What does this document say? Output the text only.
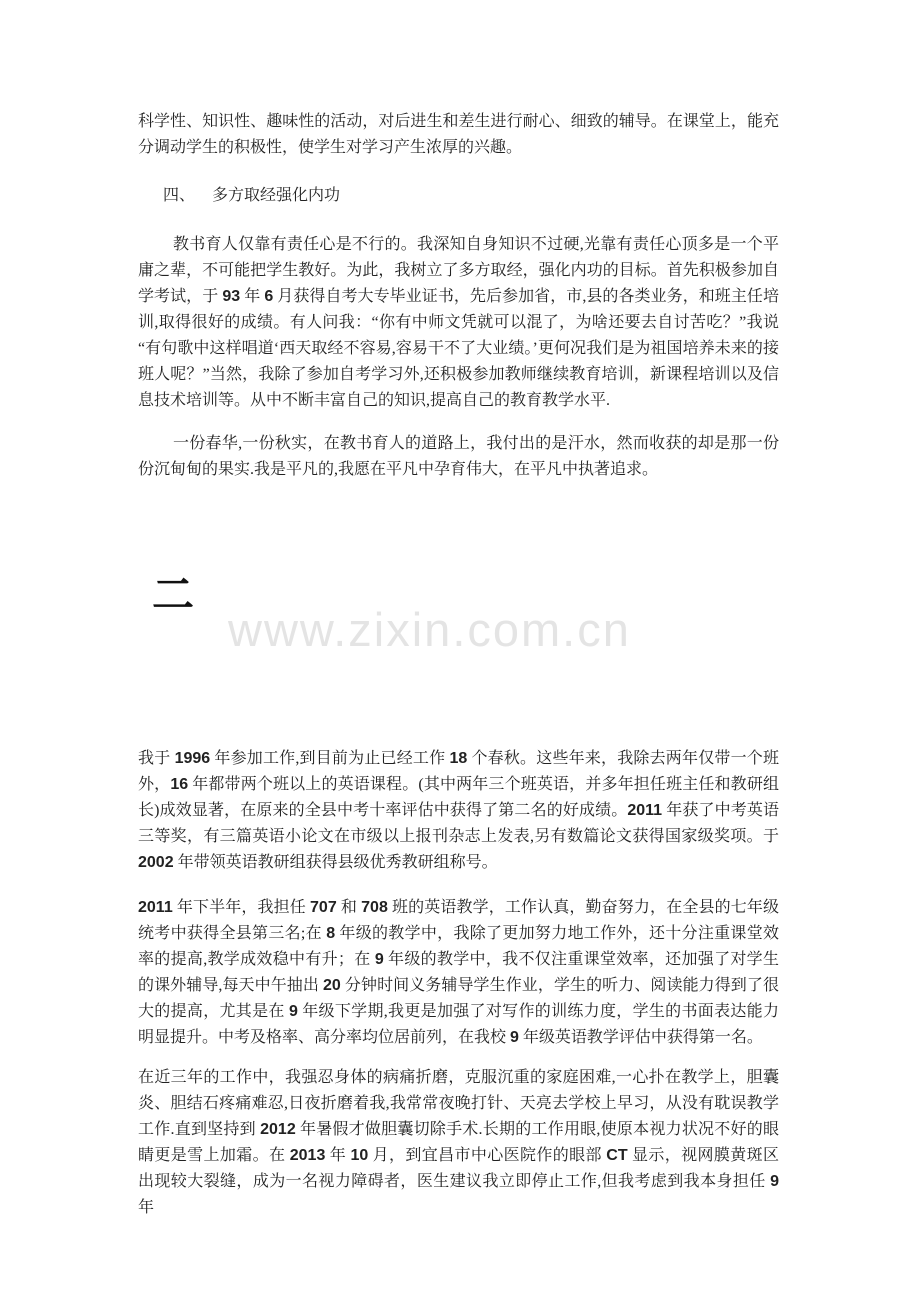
科学性、知识性、趣味性的活动，对后进生和差生进行耐心、细致的辅导。在课堂上，能充分调动学生的积极性，使学生对学习产生浓厚的兴趣。

四、 多方取经强化内功

教书育人仅靠有责任心是不行的。我深知自身知识不过硬,光靠有责任心顶多是一个平庸之辈，不可能把学生教好。为此，我树立了多方取经，强化内功的目标。首先积极参加自学考试，于 93 年 6 月获得自考大专毕业证书，先后参加省，市,县的各类业务，和班主任培训,取得很好的成绩。有人问我：“你有中师文凭就可以混了，为啥还要去自讨苦吃？”我说“有句歌中这样唱道‘西天取经不容易,容易干不了大业绩。’更何况我们是为祖国培养未来的接班人呢？”当然，我除了参加自考学习外,还积极参加教师继续教育培训，新课程培训以及信息技术培训等。从中不断丰富自己的知识,提高自己的教育教学水平.

一份春华,一份秋实，在教书育人的道路上，我付出的是汗水，然而收获的却是那一份份沉甸甸的果实.我是平凡的,我愿在平凡中孕育伟大，在平凡中执著追求。

二
www.zixin.com.cn

我于 1996 年参加工作,到目前为止已经工作 18 个春秋。这些年来，我除去两年仅带一个班外，16 年都带两个班以上的英语课程。(其中两年三个班英语，并多年担任班主任和教研组长)成效显著，在原来的全县中考十率评估中获得了第二名的好成绩。2011 年获了中考英语三等奖，有三篇英语小论文在市级以上报刊杂志上发表,另有数篇论文获得国家级奖项。于 2002 年带领英语教研组获得县级优秀教研组称号。

2011 年下半年，我担任 707 和 708 班的英语教学，工作认真，勤奋努力，在全县的七年级统考中获得全县第三名;在 8 年级的教学中，我除了更加努力地工作外，还十分注重课堂效率的提高,教学成效稳中有升；在 9 年级的教学中，我不仅注重课堂效率，还加强了对学生的课外辅导,每天中午抽出 20 分钟时间义务辅导学生作业，学生的听力、阅读能力得到了很大的提高，尤其是在 9 年级下学期,我更是加强了对写作的训练力度，学生的书面表达能力明显提升。中考及格率、高分率均位居前列，在我校 9 年级英语教学评估中获得第一名。

在近三年的工作中，我强忍身体的病痛折磨，克服沉重的家庭困难,一心扑在教学上，胆囊炎、胆结石疼痛难忍,日夜折磨着我,我常常夜晚打针、天亮去学校上早习，从没有耽误教学工作.直到坚持到 2012 年暑假才做胆囊切除手术.长期的工作用眼,使原本视力状况不好的眼睛更是雪上加霜。在 2013 年 10 月，到宜昌市中心医院作的眼部 CT 显示，视网膜黄斑区出现较大裂缝，成为一名视力障碍者，医生建议我立即停止工作,但我考虑到我本身担任 9 年
